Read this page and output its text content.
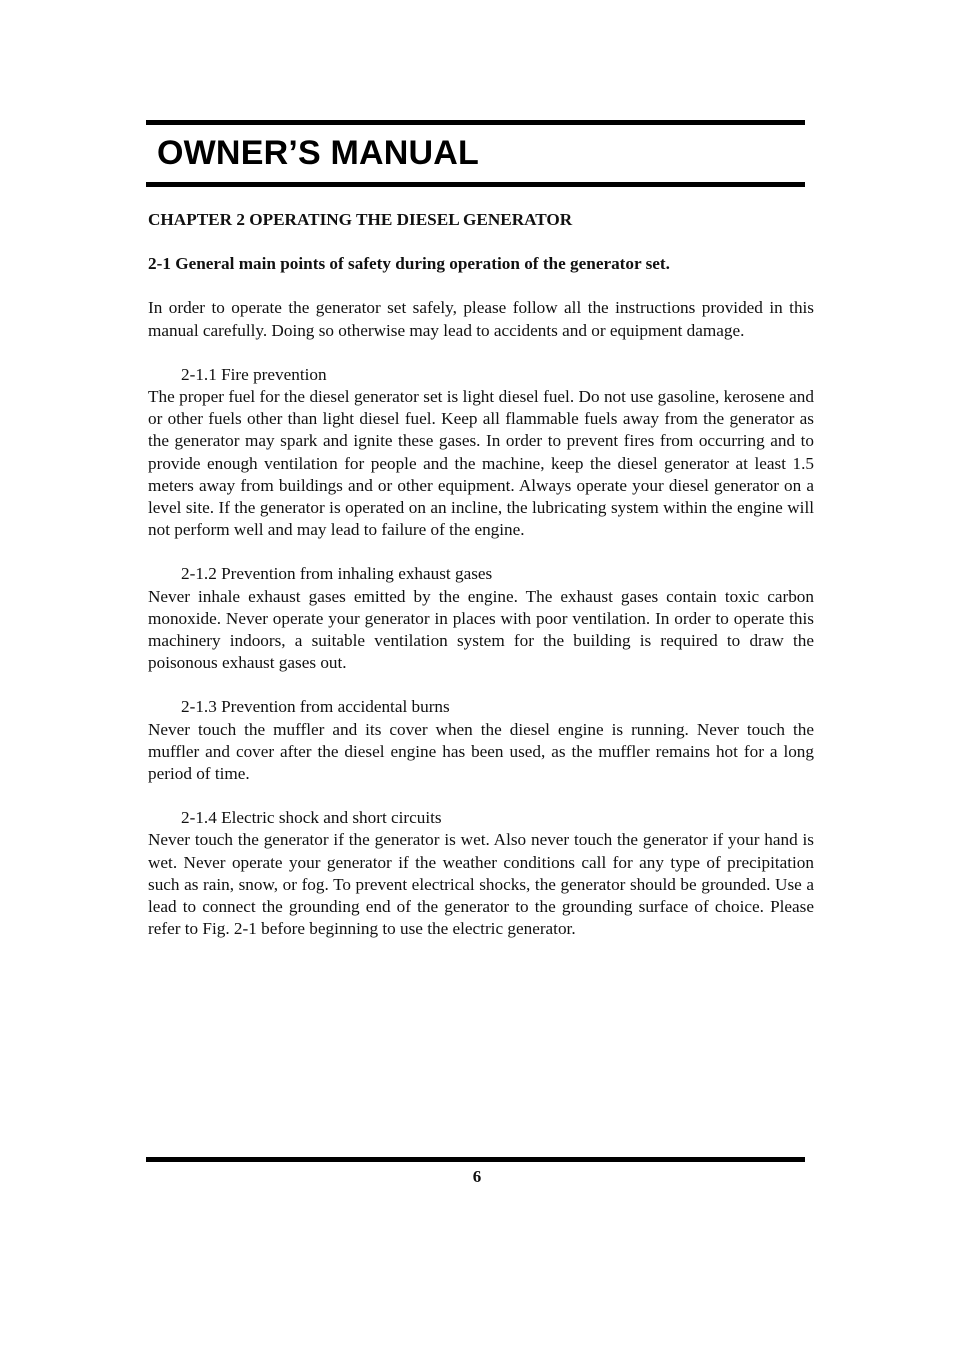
OWNER’S MANUAL
CHAPTER 2 OPERATING THE DIESEL GENERATOR
2-1 General main points of safety during operation of the generator set.

In order to operate the generator set safely, please follow all the instructions provided in this manual carefully. Doing so otherwise may lead to accidents and or equipment damage.

2-1.1 Fire prevention

The proper fuel for the diesel generator set is light diesel fuel. Do not use gasoline, kerosene and or other fuels other than light diesel fuel. Keep all flammable fuels away from the generator as the generator may spark and ignite these gases. In order to prevent fires from occurring and to provide enough ventilation for people and the machine, keep the diesel generator at least 1.5 meters away from buildings and or other equipment. Always operate your diesel generator on a level site. If the generator is operated on an incline, the lubricating system within the engine will not perform well and may lead to failure of the engine.

2-1.2 Prevention from inhaling exhaust gases

Never inhale exhaust gases emitted by the engine. The exhaust gases contain toxic carbon monoxide. Never operate your generator in places with poor ventilation. In order to operate this machinery indoors, a suitable ventilation system for the building is required to draw the poisonous exhaust gases out.

2-1.3 Prevention from accidental burns

Never touch the muffler and its cover when the diesel engine is running. Never touch the muffler and cover after the diesel engine has been used, as the muffler remains hot for a long period of time.

2-1.4 Electric shock and short circuits

Never touch the generator if the generator is wet. Also never touch the generator if your hand is wet. Never operate your generator if the weather conditions call for any type of precipitation such as rain, snow, or fog. To prevent electrical shocks, the generator should be grounded. Use a lead to connect the grounding end of the generator to the grounding surface of choice. Please refer to Fig. 2-1 before beginning to use the electric generator.

6
